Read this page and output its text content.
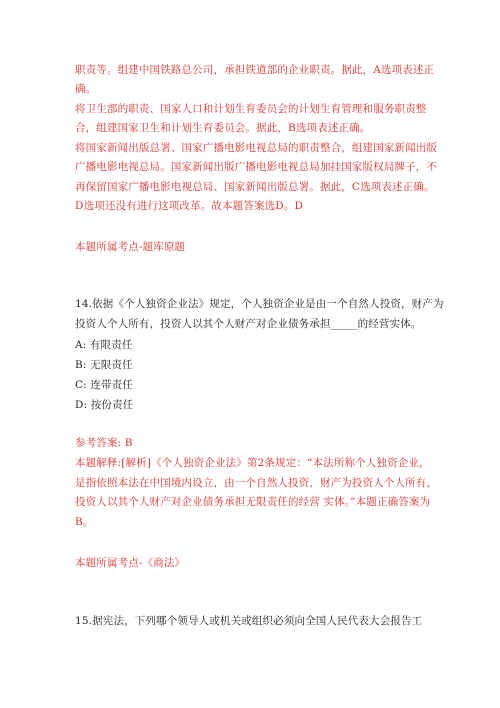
职责等。组建中国铁路总公司，承担铁道部的企业职责。据此，A选项表述正
确。
将卫生部的职责、国家人口和计划生育委员会的计划生育管理和服务职责整
合，组建国家卫生和计划生育委员会。据此，B选项表述正确。
将国家新闻出版总署、国家广播电影电视总局的职责整合，组建国家新闻出版
广播电影电视总局。国家新闻出版广播电影电视总局加挂国家版权局牌子，不
再保留国家广播电影电视总局、国家新闻出版总署。据此，C选项表述正确。
D选项还没有进行这项改革。故本题答案选D。D
本题所属考点-题库原题
14.依据《个人独资企业法》规定，个人独资企业是由一个自然人投资，财产为
投资人个人所有，投资人以其个人财产对企业债务承担_____的经营实体。
A: 有限责任
B: 无限责任
C: 连带责任
D: 按份责任
参考答案: B
本题解释:[解析]《个人独资企业法》第2条规定：“本法所称个人独资企业，
是指依照本法在中国境内设立，由一个自然人投资，财产为投资人个人所有，
投资人以其个人财产对企业债务承担无限责任的经营 实体。”本题正确答案为
B。
本题所属考点-《商法》
15.据宪法，下列哪个领导人或机关或组织必须向全国人民代表大会报告工
